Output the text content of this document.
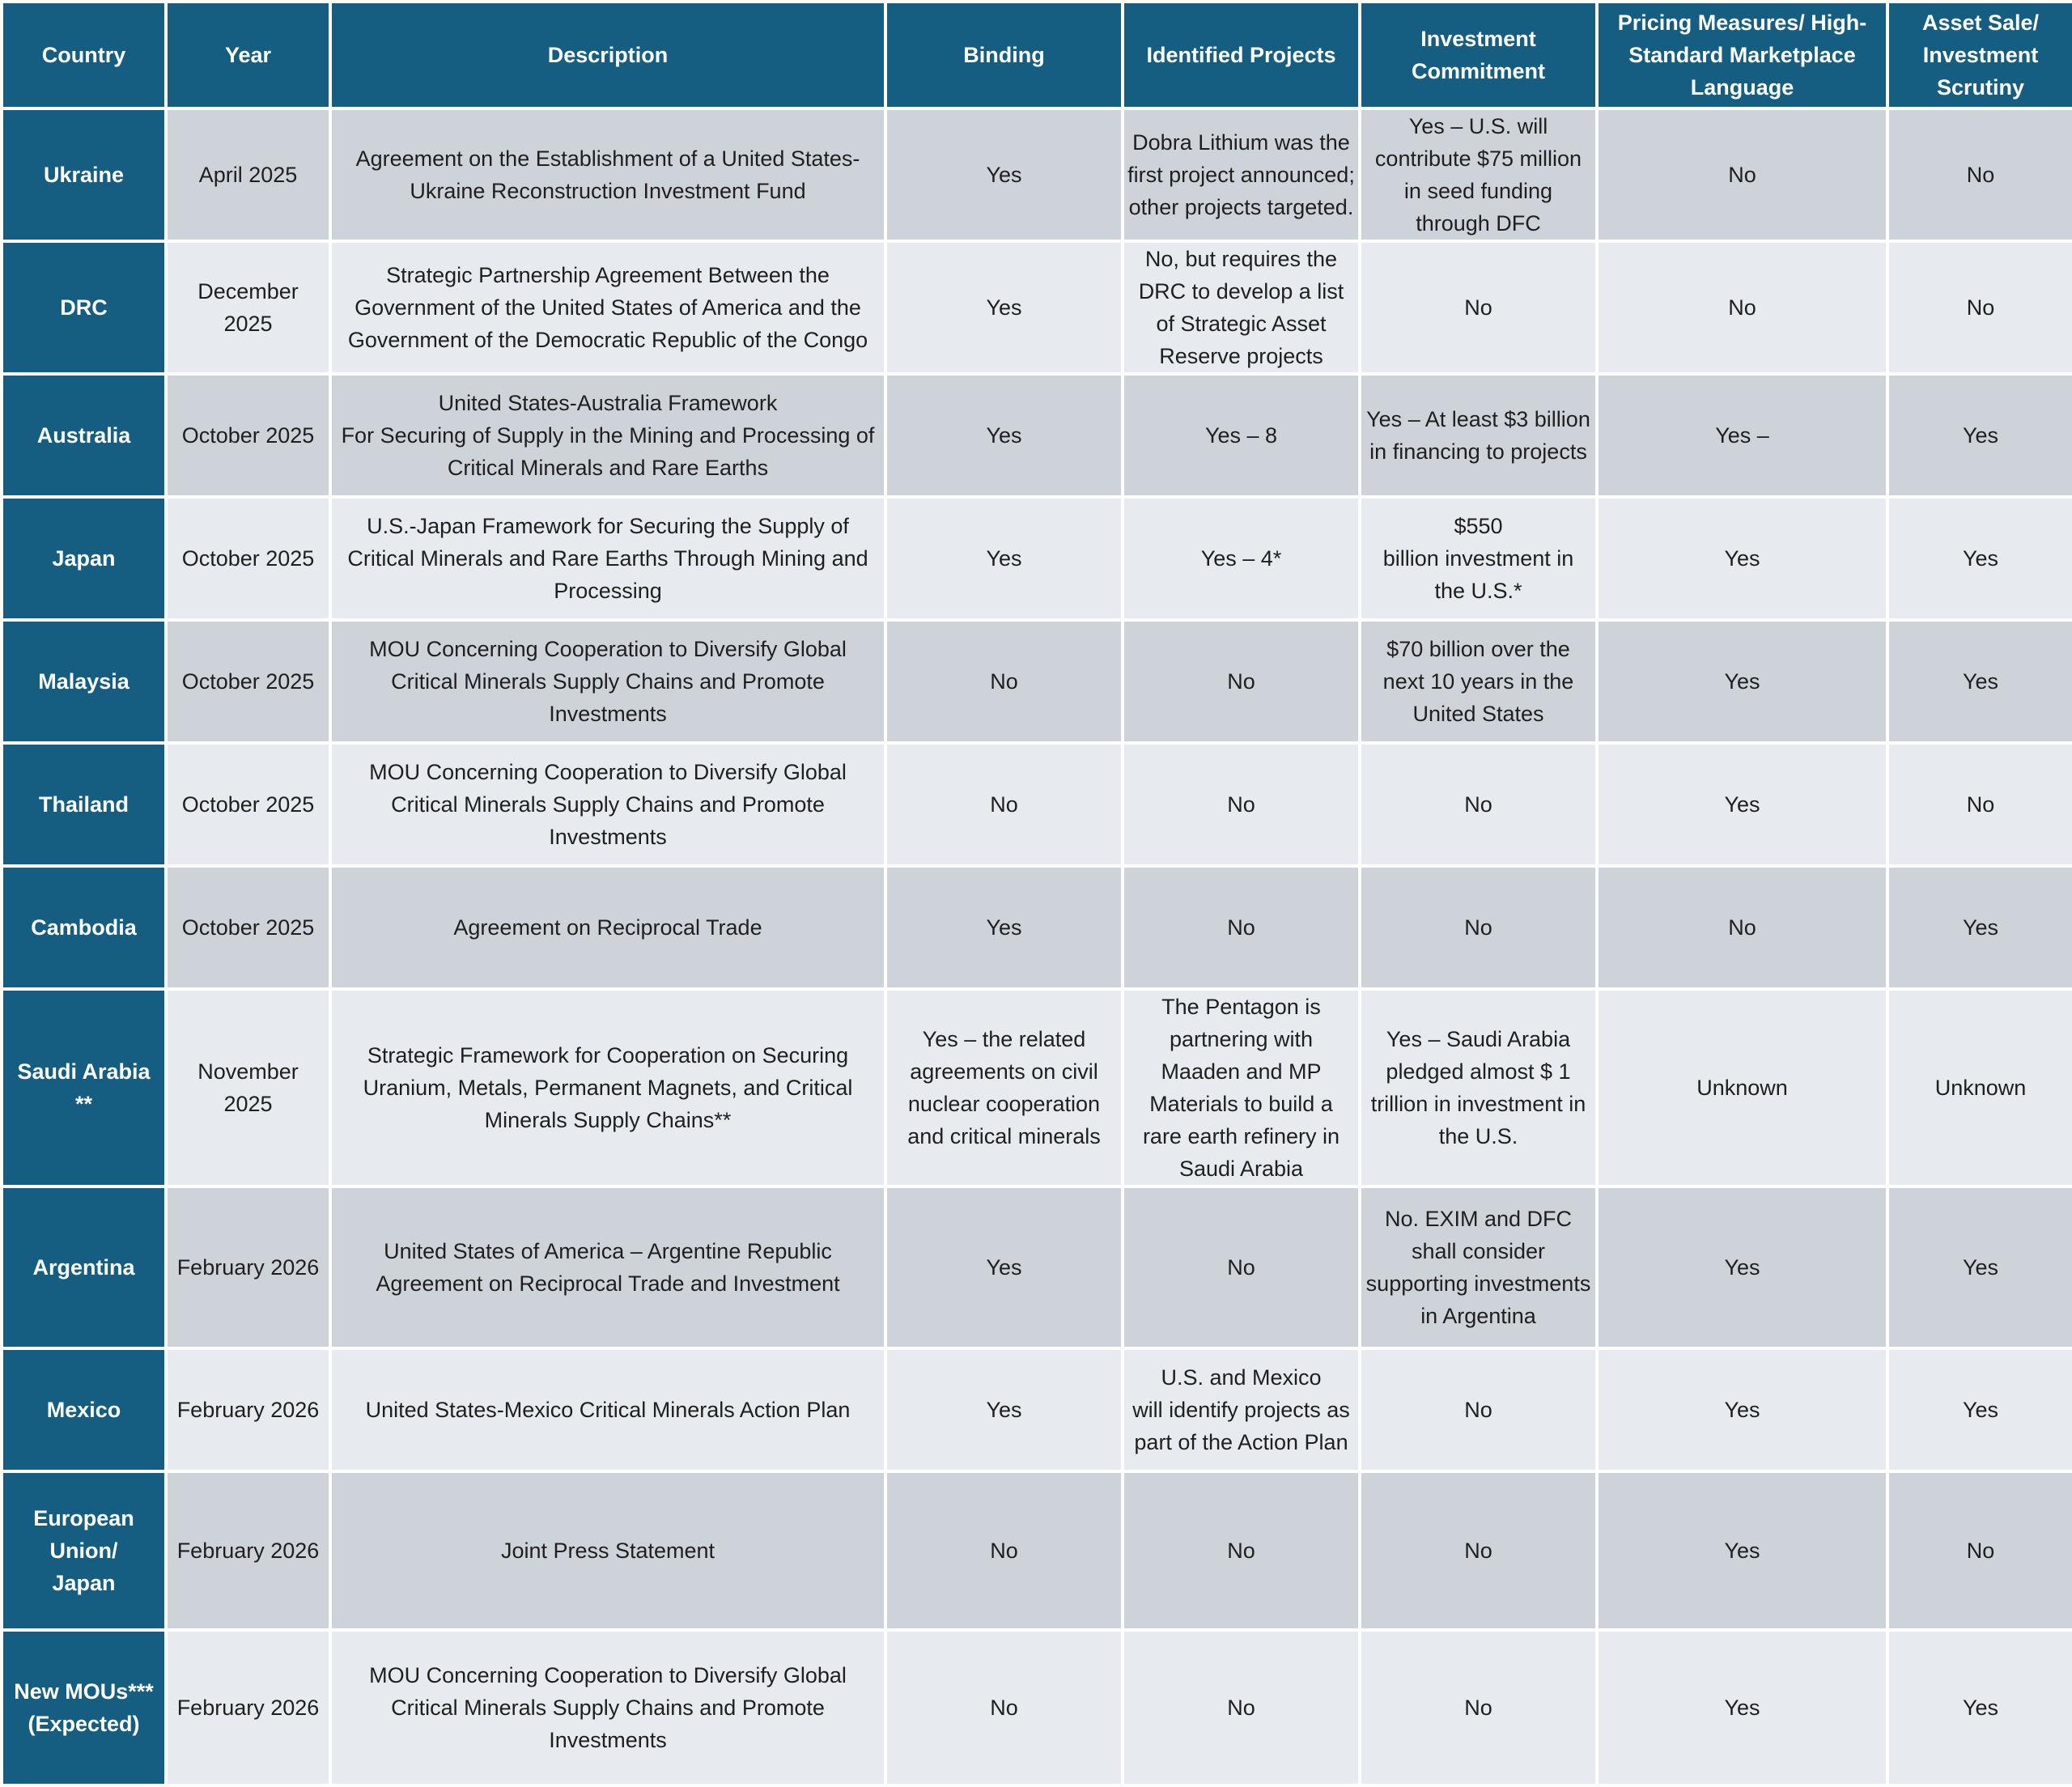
Country	Year	Description	Binding	Identified Projects	Investment Commitment	Pricing Measures/ High-Standard Marketplace Language	Asset Sale/ Investment Scrutiny
Ukraine	April 2025	Agreement on the Establishment of a United States-
Ukraine Reconstruction Investment Fund	Yes	Dobra Lithium was the first project announced; other projects targeted.	Yes – U.S. will contribute $75 million in seed funding through DFC	No	No
DRC	December 2025	Strategic Partnership Agreement Between the
Government of the United States of America and the
Government of the Democratic Republic of the Congo	Yes	No, but requires the DRC to develop a list of Strategic Asset Reserve projects	No	No	No
Australia	October 2025	United States-Australia Framework
For Securing of Supply in the Mining and Processing of
Critical Minerals and Rare Earths	Yes	Yes – 8	Yes – At least $3 billion in financing to projects	Yes –	Yes
Japan	October 2025	U.S.-Japan Framework for Securing the Supply of
Critical Minerals and Rare Earths Through Mining and
Processing	Yes	Yes – 4*	$550
billion investment in
the U.S.*	Yes	Yes
Malaysia	October 2025	MOU Concerning Cooperation to Diversify Global
Critical Minerals Supply Chains and Promote
Investments	No	No	$70 billion over the next 10 years in the United States	Yes	Yes
Thailand	October 2025	MOU Concerning Cooperation to Diversify Global
Critical Minerals Supply Chains and Promote
Investments	No	No	No	Yes	No
Cambodia	October 2025	Agreement on Reciprocal Trade	Yes	No	No	No	Yes
Saudi Arabia **	November 2025	Strategic Framework for Cooperation on Securing
Uranium, Metals, Permanent Magnets, and Critical
Minerals Supply Chains**	Yes – the related agreements on civil nuclear cooperation and critical minerals	The Pentagon is partnering with Maaden and MP Materials to build a rare earth refinery in Saudi Arabia	Yes – Saudi Arabia pledged almost $ 1 trillion in investment in the U.S.	Unknown	Unknown
Argentina	February 2026	United States of America – Argentine Republic
Agreement on Reciprocal Trade and Investment	Yes	No	No. EXIM and DFC shall consider supporting investments in Argentina	Yes	Yes
Mexico	February 2026	United States-Mexico Critical Minerals Action Plan	Yes	U.S. and Mexico
will identify projects as part of the Action Plan	No	Yes	Yes
European Union/
Japan	February 2026	Joint Press Statement	No	No	No	Yes	No
New MOUs***
(Expected)	February 2026	MOU Concerning Cooperation to Diversify Global
Critical Minerals Supply Chains and Promote
Investments	No	No	No	Yes	Yes
